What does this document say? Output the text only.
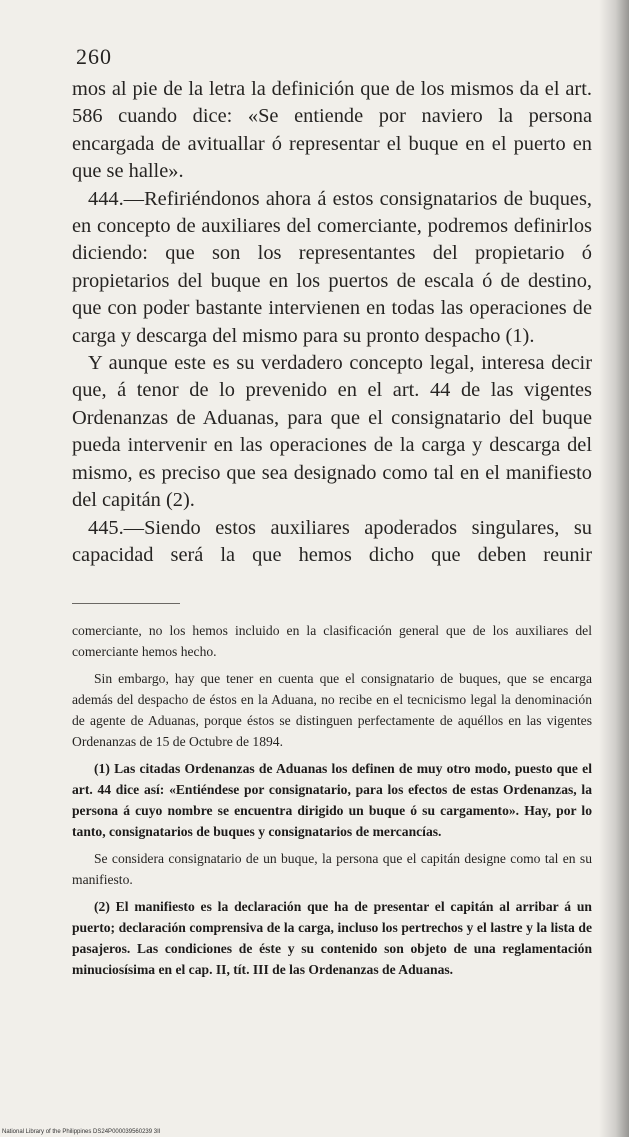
260

mos al pie de la letra la definición que de los mismos da el art. 586 cuando dice: «Se entiende por naviero la persona encargada de avituallar ó representar el buque en el puerto en que se halle».

444.—Refiriéndonos ahora á estos consignatarios de buques, en concepto de auxiliares del comerciante, podremos definirlos diciendo: que son los representantes del propietario ó propietarios del buque en los puertos de escala ó de destino, que con poder bastante intervienen en todas las operaciones de carga y descarga del mismo para su pronto despacho (1).

Y aunque este es su verdadero concepto legal, interesa decir que, á tenor de lo prevenido en el art. 44 de las vigentes Ordenanzas de Aduanas, para que el consignatario del buque pueda intervenir en las operaciones de la carga y descarga del mismo, es preciso que sea designado como tal en el manifiesto del capitán (2).

445.—Siendo estos auxiliares apoderados singulares, su capacidad será la que hemos dicho que deben reunir

comerciante, no los hemos incluido en la clasificación general que de los auxiliares del comerciante hemos hecho.

Sin embargo, hay que tener en cuenta que el consignatario de buques, que se encarga además del despacho de éstos en la Aduana, no recibe en el tecnicismo legal la denominación de agente de Aduanas, porque éstos se distinguen perfectamente de aquéllos en las vigentes Ordenanzas de 15 de Octubre de 1894.

(1) Las citadas Ordenanzas de Aduanas los definen de muy otro modo, puesto que el art. 44 dice así: «Entiéndese por consignatario, para los efectos de estas Ordenanzas, la persona á cuyo nombre se encuentra dirigido un buque ó su cargamento». Hay, por lo tanto, consignatarios de buques y consignatarios de mercancías.

Se considera consignatario de un buque, la persona que el capitán designe como tal en su manifiesto.

(2) El manifiesto es la declaración que ha de presentar el capitán al arribar á un puerto; declaración comprensiva de la carga, incluso los pertrechos y el lastre y la lista de pasajeros. Las condiciones de éste y su contenido son objeto de una reglamentación minuciosísima en el cap. II, tít. III de las Ordenanzas de Aduanas.

National Library of the Philippines DS24P000039560239 3II
